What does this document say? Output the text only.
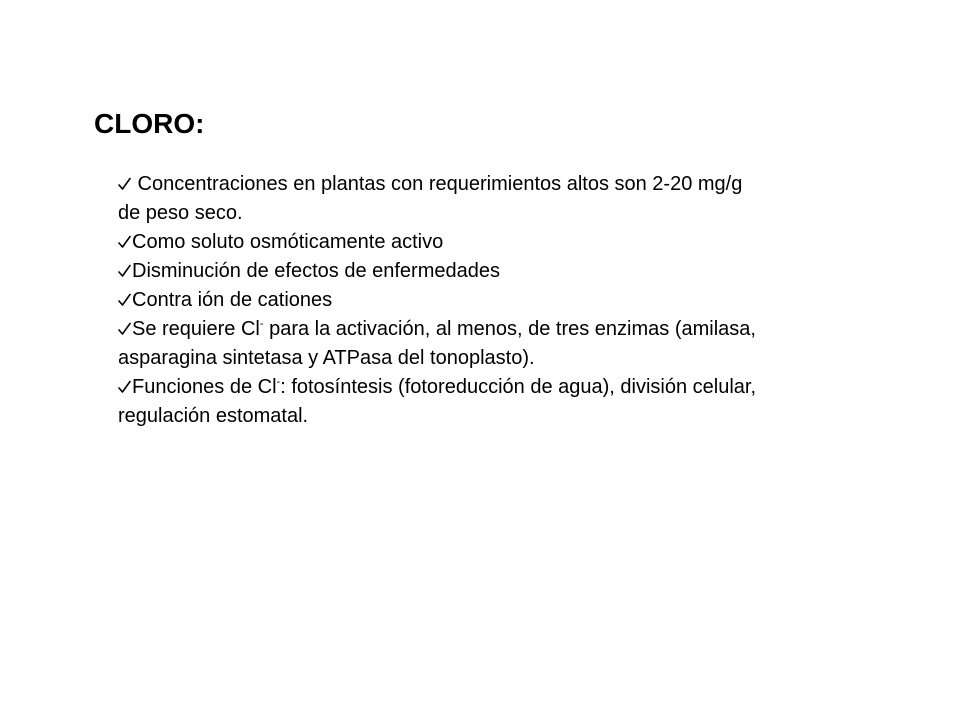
CLORO:
Concentraciones en plantas con requerimientos altos son 2-20 mg/g de peso seco.
Como soluto osmóticamente activo
Disminución de efectos de enfermedades
Contra ión de cationes
Se requiere Cl- para la activación, al menos, de tres enzimas (amilasa, asparagina sintetasa y ATPasa del tonoplasto).
Funciones de Cl-: fotosíntesis (fotoreducción de agua), división celular, regulación estomatal.
